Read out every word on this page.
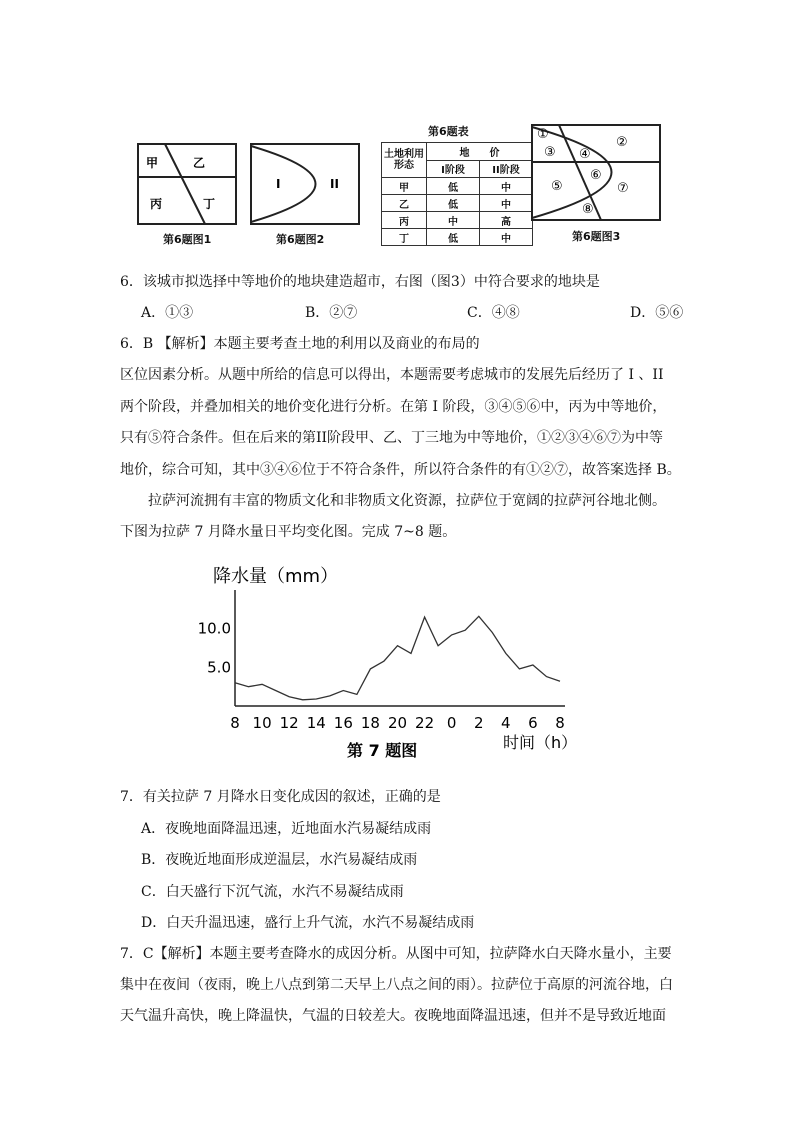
甲	乙
丙	丁
第6题图1
I	II
第6题图2
第6题表
土地利用形态	地　　价	
	I阶段	II阶段
甲	低	中
乙	低	中
丙	中	高
丁	低	中
①
②
③ ④
⑤
⑥
⑦
⑧
第6题图3
6．该城市拟选择中等地价的地块建造超市，右图（图3）中符合要求的地块是
A．①③	B．②⑦	C．④⑧	D．⑤⑥
6．B 【解析】本题主要考查土地的利用以及商业的布局的
区位因素分析。从题中所给的信息可以得出，本题需要考虑城市的发展先后经历了 I 、II
两个阶段，并叠加相关的地价变化进行分析。在第 I 阶段，③④⑤⑥中，丙为中等地价，
只有⑤符合条件。但在后来的第II阶段甲、乙、丁三地为中等地价，①②③④⑥⑦为中等
地价，综合可知，其中③④⑥位于不符合条件，所以符合条件的有①②⑦，故答案选择 B。
拉萨河流拥有丰富的物质文化和非物质文化资源，拉萨位于宽阔的拉萨河谷地北侧。
下图为拉萨 7 月降水量日平均变化图。完成 7~8 题。
降水量（mm）
8 10 12 14 16 18 20 22 0 2 4 6 8
5.0
10.0
时间（h）
第 7 题图
7．有关拉萨 7 月降水日变化成因的叙述，正确的是
A．夜晚地面降温迅速，近地面水汽易凝结成雨
B．夜晚近地面形成逆温层，水汽易凝结成雨
C．白天盛行下沉气流，水汽不易凝结成雨
D．白天升温迅速，盛行上升气流，水汽不易凝结成雨
7．C【解析】本题主要考查降水的成因分析。从图中可知，拉萨降水白天降水量小，主要
集中在夜间（夜雨，晚上八点到第二天早上八点之间的雨）。拉萨位于高原的河流谷地，白
天气温升高快，晚上降温快，气温的日较差大。夜晚地面降温迅速，但并不是导致近地面
